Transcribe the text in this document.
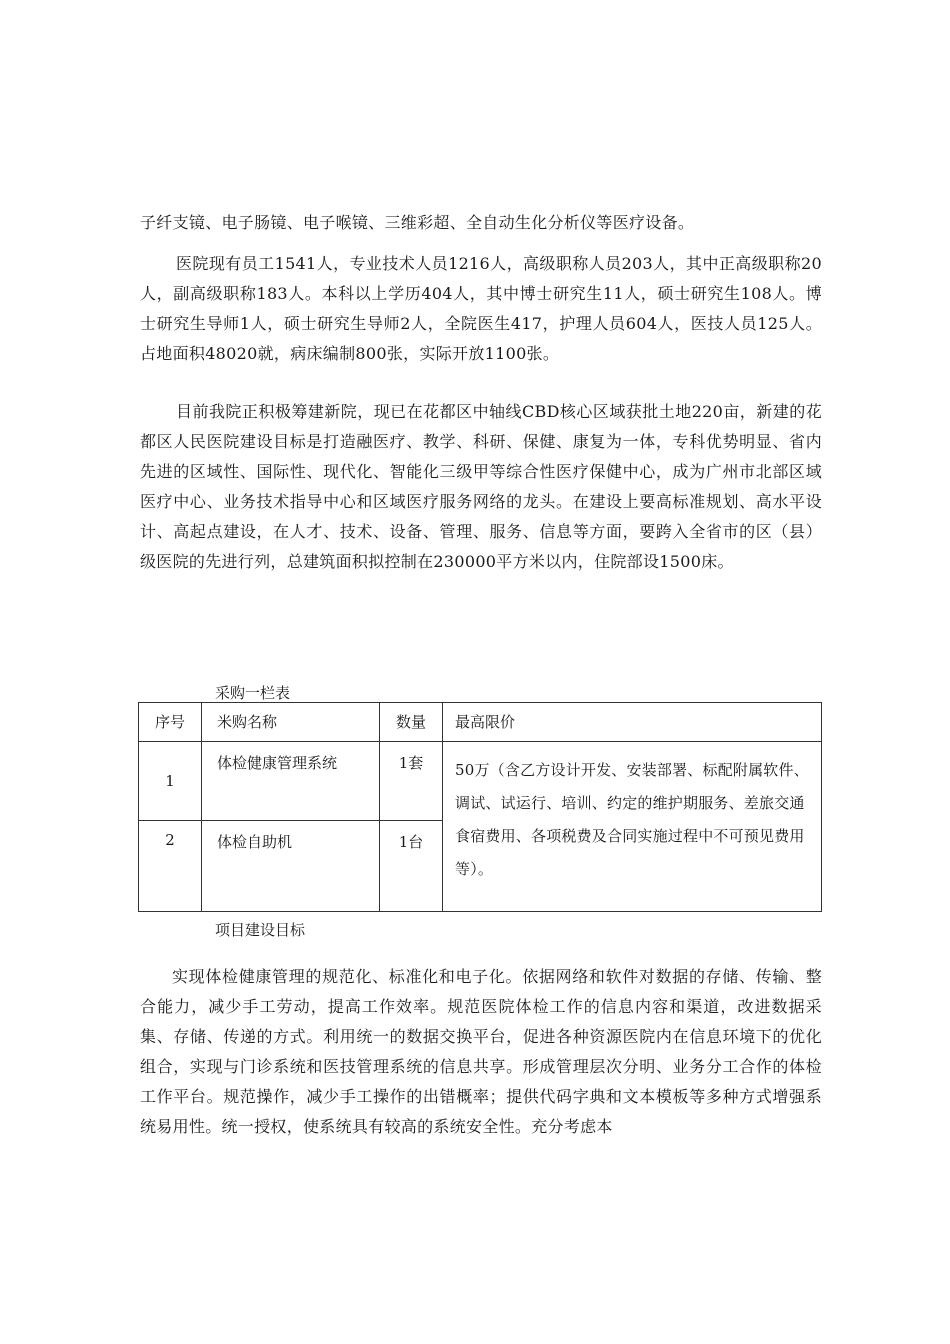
子纤支镜、电子肠镜、电子喉镜、三维彩超、全自动生化分析仪等医疗设备。

医院现有员工1541人，专业技术人员1216人，高级职称人员203人，其中正高级职称20人，副高级职称183人。本科以上学历404人，其中博士研究生11人，硕士研究生108人。博士研究生导师1人，硕士研究生导师2人，全院医生417，护理人员604人，医技人员125人。占地面积48020就，病床编制800张，实际开放1100张。

目前我院正积极筹建新院，现已在花都区中轴线CBD核心区域获批土地220亩，新建的花都区人民医院建设目标是打造融医疗、教学、科研、保健、康复为一体，专科优势明显、省内先进的区域性、国际性、现代化、智能化三级甲等综合性医疗保健中心，成为广州市北部区域医疗中心、业务技术指导中心和区域医疗服务网络的龙头。在建设上要高标准规划、高水平设计、高起点建设，在人才、技术、设备、管理、服务、信息等方面，要跨入全省市的区（县）级医院的先进行列，总建筑面积拟控制在230000平方米以内，住院部设1500床。

采购一栏表

序号	米购名称	数量	最高限价
1	体检健康管理系统	1套	50万（含乙方设计开发、安装部署、标配附属软件、调试、试运行、培训、约定的维护期服务、差旅交通食宿费用、各项税费及合同实施过程中不可预见费用等）。
2	体检自助机	1台	

项目建设目标

实现体检健康管理的规范化、标准化和电子化。依据网络和软件对数据的存储、传输、整合能力，减少手工劳动，提高工作效率。规范医院体检工作的信息内容和渠道，改进数据采集、存储、传递的方式。利用统一的数据交换平台，促进各种资源医院内在信息环境下的优化组合，实现与门诊系统和医技管理系统的信息共享。形成管理层次分明、业务分工合作的体检工作平台。规范操作，减少手工操作的出错概率；提供代码字典和文本模板等多种方式增强系统易用性。统一授权，使系统具有较高的系统安全性。充分考虑本
